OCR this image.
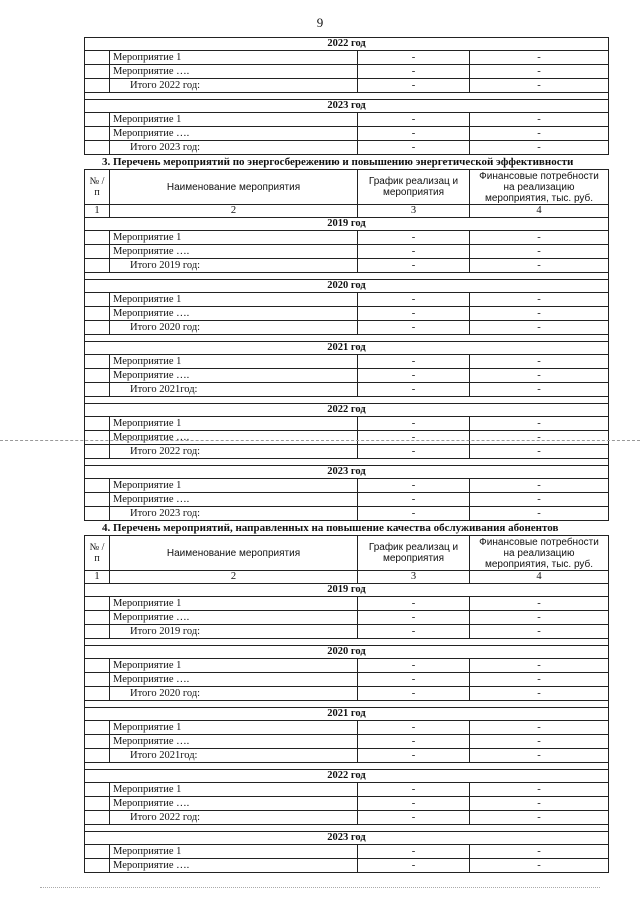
9
2022 год			
	Мероприятие 1	-	-
	Мероприятие ….	-	-
	Итого 2022 год:	-	-

2023 год			
	Мероприятие 1	-	-
	Мероприятие ….	-	-
	Итого 2023 год:	-	-
3. Перечень мероприятий по энергосбережению и повышению энергетической эффективности
№ /п	Наименование мероприятия	График реализац и мероприятия	Финансовые потребности на реализацию мероприятия, тыс. руб.
1	2	3	4
2019 год			
	Мероприятие 1	-	-
	Мероприятие ….	-	-
	Итого 2019 год:	-	-

2020 год			
	Мероприятие 1	-	-
	Мероприятие ….	-	-
	Итого 2020 год:	-	-

2021 год			
	Мероприятие 1	-	-
	Мероприятие ….	-	-
	Итого 2021год:	-	-

2022 год			
	Мероприятие 1	-	-
	Мероприятие ….	-	-
	Итого 2022 год:	-	-

2023 год			
	Мероприятие 1	-	-
	Мероприятие ….	-	-
	Итого 2023 год:	-	-
4. Перечень мероприятий, направленных на повышение качества обслуживания абонентов
№ /п	Наименование мероприятия	График реализац и мероприятия	Финансовые потребности на реализацию мероприятия, тыс. руб.
1	2	3	4
2019 год			
	Мероприятие 1	-	-
	Мероприятие ….	-	-
	Итого 2019 год:	-	-

2020 год			
	Мероприятие 1	-	-
	Мероприятие ….	-	-
	Итого 2020 год:	-	-

2021 год			
	Мероприятие 1	-	-
	Мероприятие ….	-	-
	Итого 2021год:	-	-

2022 год			
	Мероприятие 1	-	-
	Мероприятие ….	-	-
	Итого 2022 год:	-	-

2023 год			
	Мероприятие 1	-	-
	Мероприятие ….	-	-
